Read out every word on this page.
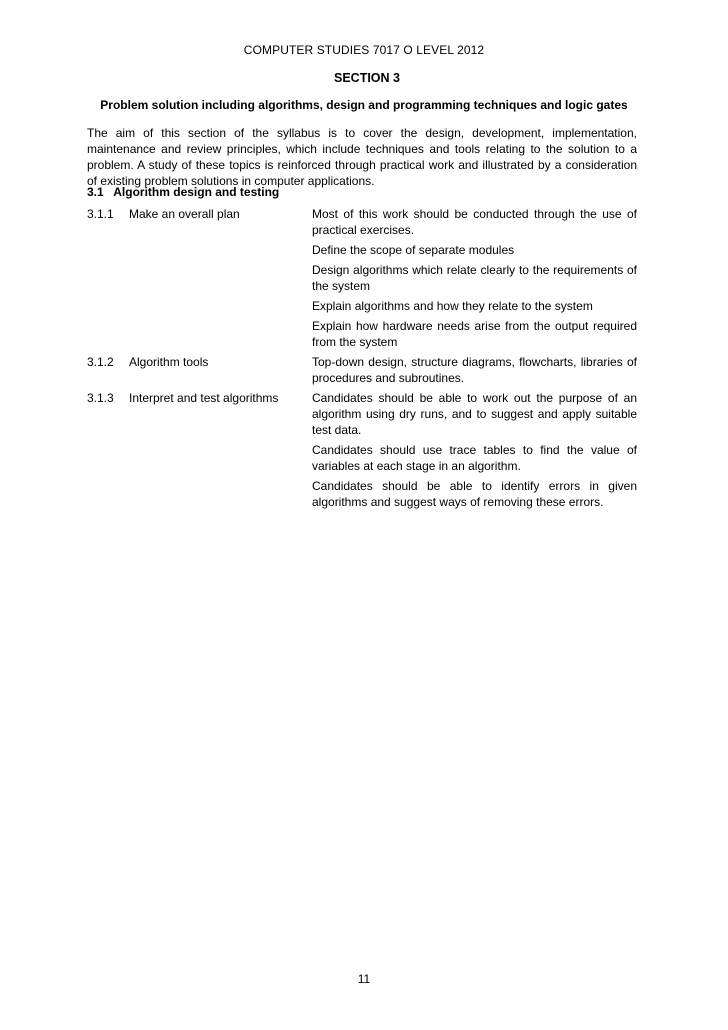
COMPUTER STUDIES 7017 O LEVEL 2012
SECTION 3
Problem solution including algorithms, design and programming techniques and logic gates

The aim of this section of the syllabus is to cover the design, development, implementation, maintenance and review principles, which include techniques and tools relating to the solution to a problem. A study of these topics is reinforced through practical work and illustrated by a consideration of existing problem solutions in computer applications.

3.1 Algorithm design and testing
3.1.1 Make an overall plan	Most of this work should be conducted through the use of practical exercises.

Define the scope of separate modules

Design algorithms which relate clearly to the requirements of the system

Explain algorithms and how they relate to the system

Explain how hardware needs arise from the output required from the system

3.1.2 Algorithm tools	Top-down design, structure diagrams, flowcharts, libraries of procedures and subroutines.

3.1.3 Interpret and test algorithms	Candidates should be able to work out the purpose of an algorithm using dry runs, and to suggest and apply suitable test data.

Candidates should use trace tables to find the value of variables at each stage in an algorithm.

Candidates should be able to identify errors in given algorithms and suggest ways of removing these errors.

11
